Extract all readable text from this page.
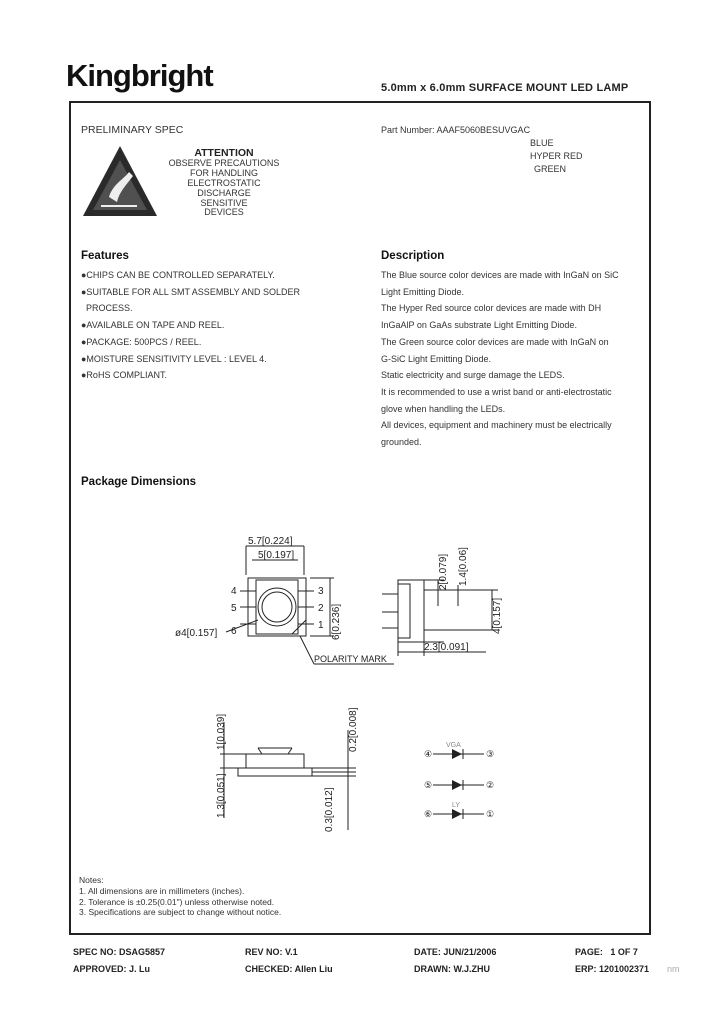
Kingbright	5.0mm x 6.0mm SURFACE MOUNT LED LAMP
PRELIMINARY SPEC
ATTENTION
OBSERVE PRECAUTIONS
FOR HANDLING
ELECTROSTATIC
DISCHARGE
SENSITIVE
DEVICES
Part Number: AAAF5060BESUVGAC
BLUE
HYPER RED
GREEN
Features
●CHIPS CAN BE CONTROLLED SEPARATELY.
●SUITABLE FOR ALL SMT ASSEMBLY AND SOLDER
PROCESS.
●AVAILABLE ON TAPE AND REEL.
●PACKAGE: 500PCS / REEL.
●MOISTURE SENSITIVITY LEVEL : LEVEL 4.
●RoHS COMPLIANT.
Description
The Blue source color devices are made with InGaN on SiC
Light Emitting Diode.
The Hyper Red source color devices are made with DH
InGaAlP on GaAs substrate Light Emitting Diode.
The Green source color devices are made with InGaN on
G-SiC Light Emitting Diode.
Static electricity and surge damage the LEDS.
It is recommended to use a wrist band or anti-electrostatic
glove when handling the LEDs.
All devices, equipment and machinery must be electrically
grounded.
Package Dimensions
5.7[0.224]
5[0.197]
4
5
6
3
2
1 6[0.236]
ø4[0.157]
POLARITY MARK
2[0.079] 1.4[0.06]
4[0.157]
2.3[0.091]
1[0.039]
1.3[0.051]
0.2[0.008]
0.3[0.012]
VGA
④	③
⑤	②
LY
⑥	①
Notes:
1. All dimensions are in millimeters (inches).
2. Tolerance is ±0.25(0.01") unless otherwise noted.
3. Specifications are subject to change without notice.
SPEC NO: DSAG5857	REV NO: V.1	DATE: JUN/21/2006	PAGE:   1 OF 7
APPROVED: J. Lu	CHECKED: Allen Liu	DRAWN: W.J.ZHU	ERP: 1201002371 nm
